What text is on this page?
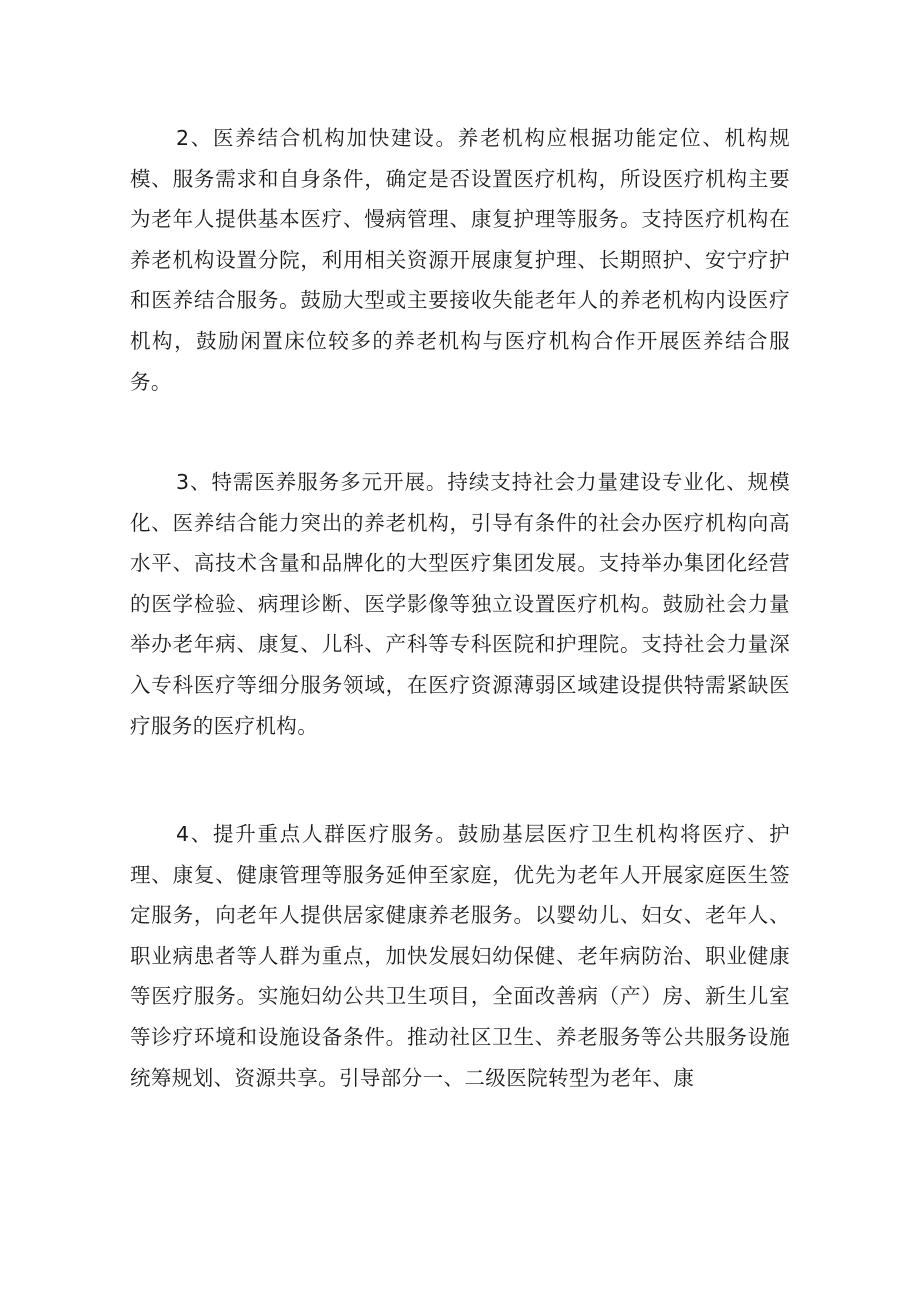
2、医养结合机构加快建设。养老机构应根据功能定位、机构规模、服务需求和自身条件，确定是否设置医疗机构，所设医疗机构主要为老年人提供基本医疗、慢病管理、康复护理等服务。支持医疗机构在养老机构设置分院，利用相关资源开展康复护理、长期照护、安宁疗护和医养结合服务。鼓励大型或主要接收失能老年人的养老机构内设医疗机构，鼓励闲置床位较多的养老机构与医疗机构合作开展医养结合服务。

3、特需医养服务多元开展。持续支持社会力量建设专业化、规模化、医养结合能力突出的养老机构，引导有条件的社会办医疗机构向高水平、高技术含量和品牌化的大型医疗集团发展。支持举办集团化经营的医学检验、病理诊断、医学影像等独立设置医疗机构。鼓励社会力量举办老年病、康复、儿科、产科等专科医院和护理院。支持社会力量深入专科医疗等细分服务领域，在医疗资源薄弱区域建设提供特需紧缺医疗服务的医疗机构。

4、提升重点人群医疗服务。鼓励基层医疗卫生机构将医疗、护理、康复、健康管理等服务延伸至家庭，优先为老年人开展家庭医生签定服务，向老年人提供居家健康养老服务。以婴幼儿、妇女、老年人、职业病患者等人群为重点，加快发展妇幼保健、老年病防治、职业健康等医疗服务。实施妇幼公共卫生项目，全面改善病（产）房、新生儿室等诊疗环境和设施设备条件。推动社区卫生、养老服务等公共服务设施统筹规划、资源共享。引导部分一、二级医院转型为老年、康
